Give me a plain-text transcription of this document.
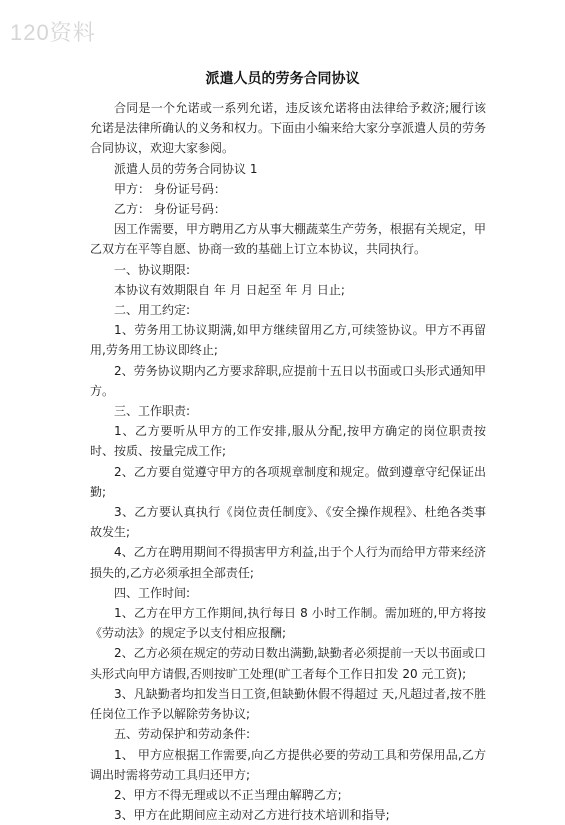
120资料
派遣人员的劳务合同协议

合同是一个允诺或一系列允诺，违反该允诺将由法律给予救济;履行该允诺是法律所确认的义务和权力。下面由小编来给大家分享派遣人员的劳务合同协议，欢迎大家参阅。

派遣人员的劳务合同协议 1

甲方： 身份证号码：

乙方： 身份证号码：

因工作需要，甲方聘用乙方从事大棚蔬菜生产劳务，根据有关规定，甲乙双方在平等自愿、协商一致的基础上订立本协议，共同执行。

一、协议期限:

本协议有效期限自 年 月 日起至 年 月 日止;

二、用工约定:

1、劳务用工协议期满,如甲方继续留用乙方,可续签协议。甲方不再留用,劳务用工协议即终止;

2、劳务协议期内乙方要求辞职,应提前十五日以书面或口头形式通知甲方。

三、工作职责:

1、乙方要听从甲方的工作安排,服从分配,按甲方确定的岗位职责按时、按质、按量完成工作;

2、乙方要自觉遵守甲方的各项规章制度和规定。做到遵章守纪保证出勤;

3、乙方要认真执行《岗位责任制度》、《安全操作规程》、杜绝各类事故发生;

4、乙方在聘用期间不得损害甲方利益,出于个人行为而给甲方带来经济损失的,乙方必须承担全部责任;

四、工作时间:

1、乙方在甲方工作期间,执行每日 8 小时工作制。需加班的,甲方将按《劳动法》的规定予以支付相应报酬;

2、乙方必须在规定的劳动日数出满勤,缺勤者必须提前一天以书面或口头形式向甲方请假,否则按旷工处理(旷工者每个工作日扣发 20 元工资);

3、凡缺勤者均扣发当日工资,但缺勤休假不得超过 天,凡超过者,按不胜任岗位工作予以解除劳务协议;

五、劳动保护和劳动条件:

1、 甲方应根据工作需要,向乙方提供必要的劳动工具和劳保用品,乙方调出时需将劳动工具归还甲方;

2、甲方不得无理或以不正当理由解聘乙方;

3、甲方在此期间应主动对乙方进行技术培训和指导;
